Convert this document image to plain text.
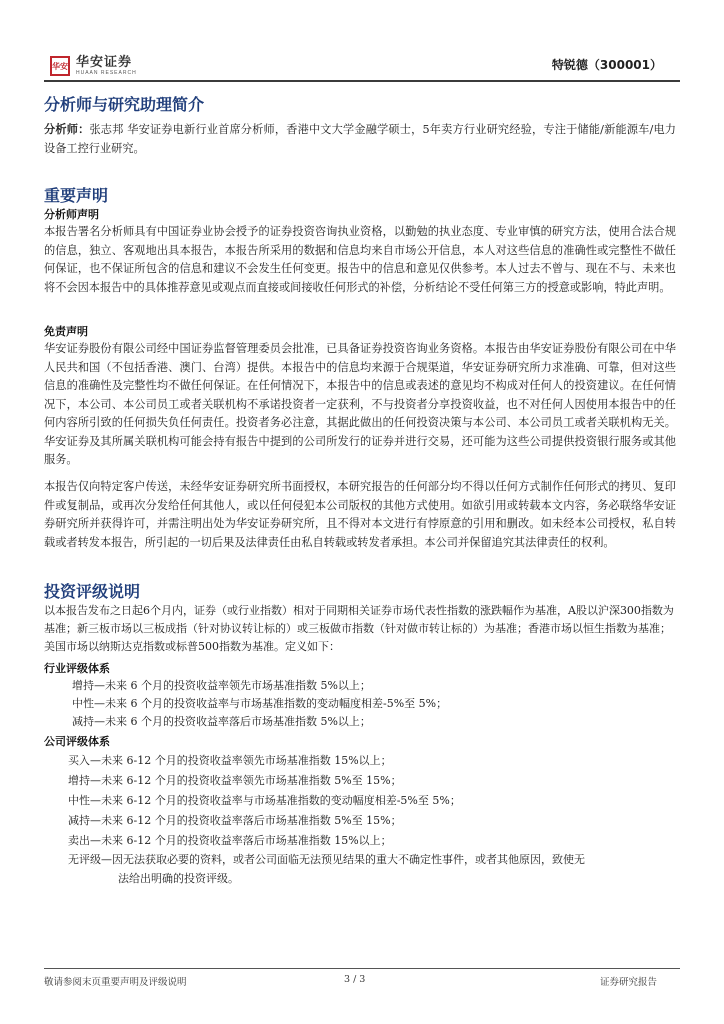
华安 华安证券
HUAAN RESEARCH
特锐德（300001）
分析师与研究助理简介
分析师：张志邦 华安证券电新行业首席分析师，香港中文大学金融学硕士，5年卖方行业研究经验，专注于储能/新能源车/电力设备工控行业研究。
重要声明
分析师声明
本报告署名分析师具有中国证券业协会授予的证券投资咨询执业资格，以勤勉的执业态度、专业审慎的研究方法，使用合法合规的信息，独立、客观地出具本报告，本报告所采用的数据和信息均来自市场公开信息，本人对这些信息的准确性或完整性不做任何保证，也不保证所包含的信息和建议不会发生任何变更。报告中的信息和意见仅供参考。本人过去不曾与、现在不与、未来也将不会因本报告中的具体推荐意见或观点而直接或间接收任何形式的补偿，分析结论不受任何第三方的授意或影响，特此声明。
免责声明
华安证券股份有限公司经中国证券监督管理委员会批准，已具备证券投资咨询业务资格。本报告由华安证券股份有限公司在中华人民共和国（不包括香港、澳门、台湾）提供。本报告中的信息均来源于合规渠道，华安证券研究所力求准确、可靠，但对这些信息的准确性及完整性均不做任何保证。在任何情况下，本报告中的信息或表述的意见均不构成对任何人的投资建议。在任何情况下，本公司、本公司员工或者关联机构不承诺投资者一定获利，不与投资者分享投资收益，也不对任何人因使用本报告中的任何内容所引致的任何损失负任何责任。投资者务必注意，其据此做出的任何投资决策与本公司、本公司员工或者关联机构无关。华安证券及其所属关联机构可能会持有报告中提到的公司所发行的证券并进行交易，还可能为这些公司提供投资银行服务或其他服务。
本报告仅向特定客户传送，未经华安证券研究所书面授权，本研究报告的任何部分均不得以任何方式制作任何形式的拷贝、复印件或复制品，或再次分发给任何其他人，或以任何侵犯本公司版权的其他方式使用。如欲引用或转载本文内容，务必联络华安证券研究所并获得许可，并需注明出处为华安证券研究所，且不得对本文进行有悖原意的引用和删改。如未经本公司授权，私自转载或者转发本报告，所引起的一切后果及法律责任由私自转载或转发者承担。本公司并保留追究其法律责任的权利。
投资评级说明
以本报告发布之日起6个月内，证券（或行业指数）相对于同期相关证券市场代表性指数的涨跌幅作为基准，A股以沪深300指数为基准；新三板市场以三板成指（针对协议转让标的）或三板做市指数（针对做市转让标的）为基准；香港市场以恒生指数为基准；美国市场以纳斯达克指数或标普500指数为基准。定义如下：
行业评级体系
增持—未来 6 个月的投资收益率领先市场基准指数 5%以上；
中性—未来 6 个月的投资收益率与市场基准指数的变动幅度相差-5%至 5%；
减持—未来 6 个月的投资收益率落后市场基准指数 5%以上；
公司评级体系
买入—未来 6-12 个月的投资收益率领先市场基准指数 15%以上；
增持—未来 6-12 个月的投资收益率领先市场基准指数 5%至 15%；
中性—未来 6-12 个月的投资收益率与市场基准指数的变动幅度相差-5%至 5%；
减持—未来 6-12 个月的投资收益率落后市场基准指数 5%至 15%；
卖出—未来 6-12 个月的投资收益率落后市场基准指数 15%以上；
无评级—因无法获取必要的资料，或者公司面临无法预见结果的重大不确定性事件，或者其他原因，致使无
法给出明确的投资评级。
敬请参阅末页重要声明及评级说明	3 / 3	证券研究报告
